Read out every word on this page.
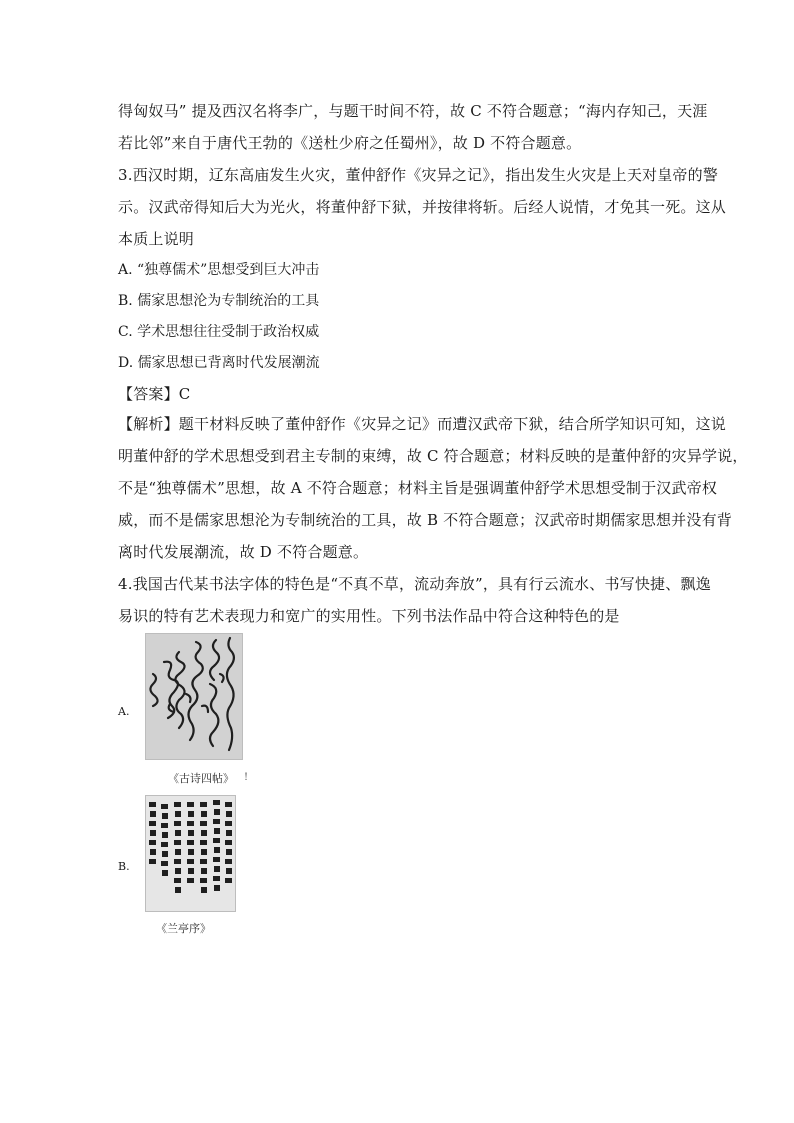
得匈奴马” 提及西汉名将李广，与题干时间不符，故 C 不符合题意；“海内存知己，天涯
若比邻”来自于唐代王勃的《送杜少府之任蜀州》，故 D 不符合题意。
3.西汉时期，辽东高庙发生火灾，董仲舒作《灾异之记》，指出发生火灾是上天对皇帝的警
示。汉武帝得知后大为光火，将董仲舒下狱，并按律将斩。后经人说情，才免其一死。这从
本质上说明
A. “独尊儒术”思想受到巨大冲击
B. 儒家思想沦为专制统治的工具
C. 学术思想往往受制于政治权威
D. 儒家思想已背离时代发展潮流
【答案】C
【解析】题干材料反映了董仲舒作《灾异之记》而遭汉武帝下狱，结合所学知识可知，这说
明董仲舒的学术思想受到君主专制的束缚，故 C 符合题意；材料反映的是董仲舒的灾异学说，
不是“独尊儒术”思想，故 A 不符合题意；材料主旨是强调董仲舒学术思想受制于汉武帝权
威，而不是儒家思想沦为专制统治的工具，故 B 不符合题意；汉武帝时期儒家思想并没有背
离时代发展潮流，故 D 不符合题意。
4.我国古代某书法字体的特色是“不真不草，流动奔放”，具有行云流水、书写快捷、飘逸
易识的特有艺术表现力和宽广的实用性。下列书法作品中符合这种特色的是
A.
《古诗四帖》 !
B.
《兰亭序》
